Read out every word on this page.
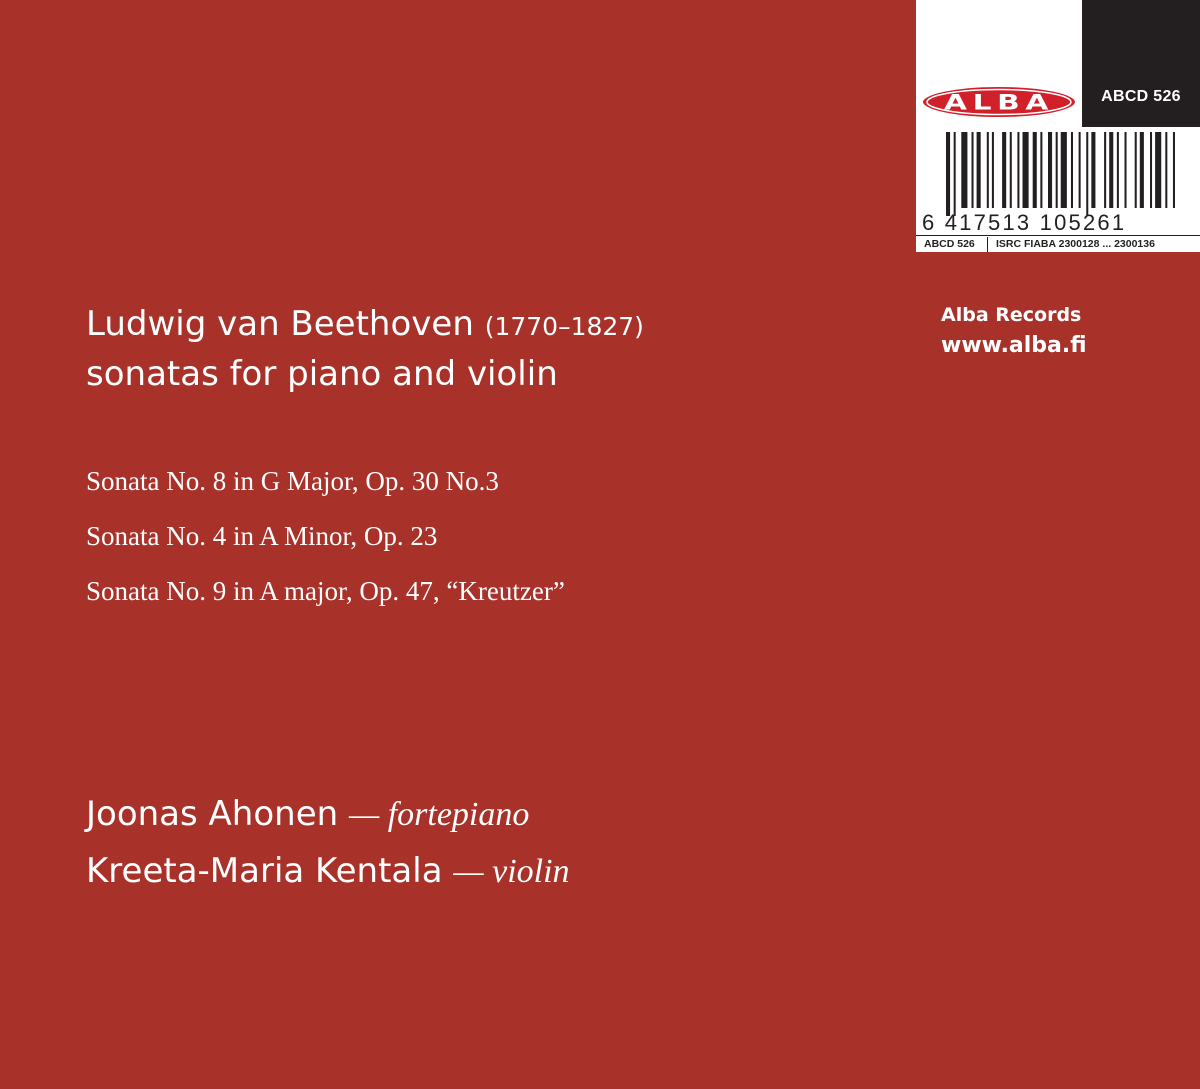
ALBA	ABCD 526
6 417513 105261
ABCD 526	ISRC FIABA 2300128 ... 2300136
Alba Records
www.alba.fi
Ludwig van Beethoven (1770–1827)
sonatas for piano and violin
Sonata No. 8 in G Major, Op. 30 No.3
Sonata No. 4 in A Minor, Op. 23
Sonata No. 9 in A major, Op. 47, “Kreutzer”
Joonas Ahonen — fortepiano
Kreeta-Maria Kentala — violin
